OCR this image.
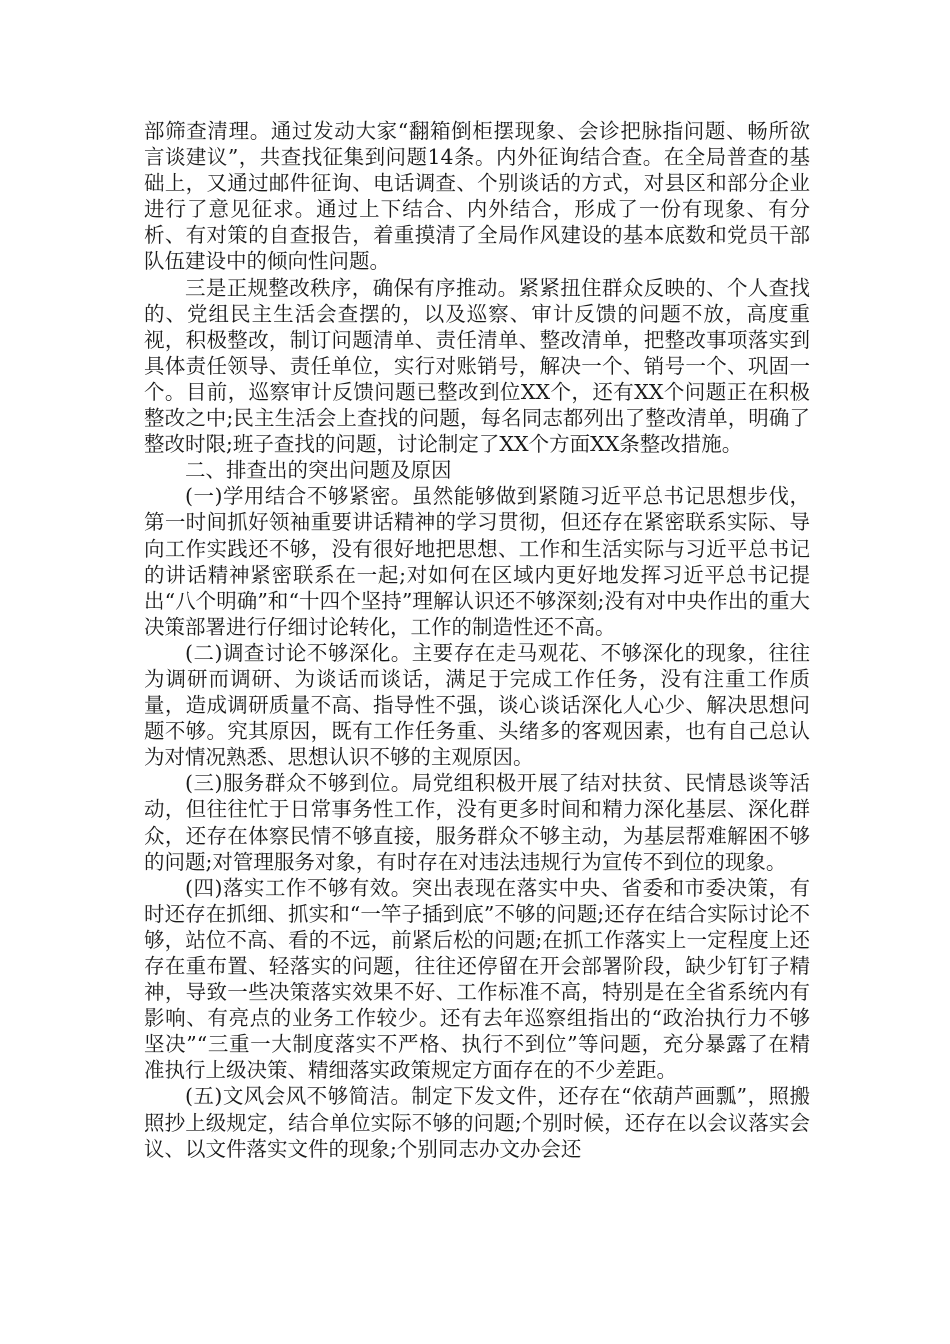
部筛查清理。通过发动大家“翻箱倒柜摆现象、会诊把脉指问题、畅所欲言谈建议”，共查找征集到问题14条。内外征询结合查。在全局普查的基础上，又通过邮件征询、电话调查、个别谈话的方式，对县区和部分企业进行了意见征求。通过上下结合、内外结合，形成了一份有现象、有分析、有对策的自查报告，着重摸清了全局作风建设的基本底数和党员干部队伍建设中的倾向性问题。

三是正规整改秩序，确保有序推动。紧紧扭住群众反映的、个人查找的、党组民主生活会查摆的，以及巡察、审计反馈的问题不放，高度重视，积极整改，制订问题清单、责任清单、整改清单，把整改事项落实到具体责任领导、责任单位，实行对账销号，解决一个、销号一个、巩固一个。目前，巡察审计反馈问题已整改到位XX个，还有XX个问题正在积极整改之中;民主生活会上查找的问题，每名同志都列出了整改清单，明确了整改时限;班子查找的问题，讨论制定了XX个方面XX条整改措施。

二、排查出的突出问题及原因

(一)学用结合不够紧密。虽然能够做到紧随习近平总书记思想步伐，第一时间抓好领袖重要讲话精神的学习贯彻，但还存在紧密联系实际、导向工作实践还不够，没有很好地把思想、工作和生活实际与习近平总书记的讲话精神紧密联系在一起;对如何在区域内更好地发挥习近平总书记提出“八个明确”和“十四个坚持”理解认识还不够深刻;没有对中央作出的重大决策部署进行仔细讨论转化，工作的制造性还不高。

(二)调查讨论不够深化。主要存在走马观花、不够深化的现象，往往为调研而调研、为谈话而谈话，满足于完成工作任务，没有注重工作质量，造成调研质量不高、指导性不强，谈心谈话深化人心少、解决思想问题不够。究其原因，既有工作任务重、头绪多的客观因素，也有自己总认为对情况熟悉、思想认识不够的主观原因。

(三)服务群众不够到位。局党组积极开展了结对扶贫、民情恳谈等活动，但往往忙于日常事务性工作，没有更多时间和精力深化基层、深化群众，还存在体察民情不够直接，服务群众不够主动，为基层帮难解困不够的问题;对管理服务对象，有时存在对违法违规行为宣传不到位的现象。

(四)落实工作不够有效。突出表现在落实中央、省委和市委决策，有时还存在抓细、抓实和“一竿子插到底”不够的问题;还存在结合实际讨论不够，站位不高、看的不远，前紧后松的问题;在抓工作落实上一定程度上还存在重布置、轻落实的问题，往往还停留在开会部署阶段，缺少钉钉子精神，导致一些决策落实效果不好、工作标准不高，特别是在全省系统内有影响、有亮点的业务工作较少。还有去年巡察组指出的“政治执行力不够坚决”“三重一大制度落实不严格、执行不到位”等问题，充分暴露了在精准执行上级决策、精细落实政策规定方面存在的不少差距。

(五)文风会风不够简洁。制定下发文件，还存在“依葫芦画瓢”，照搬照抄上级规定，结合单位实际不够的问题;个别时候，还存在以会议落实会议、以文件落实文件的现象;个别同志办文办会还
